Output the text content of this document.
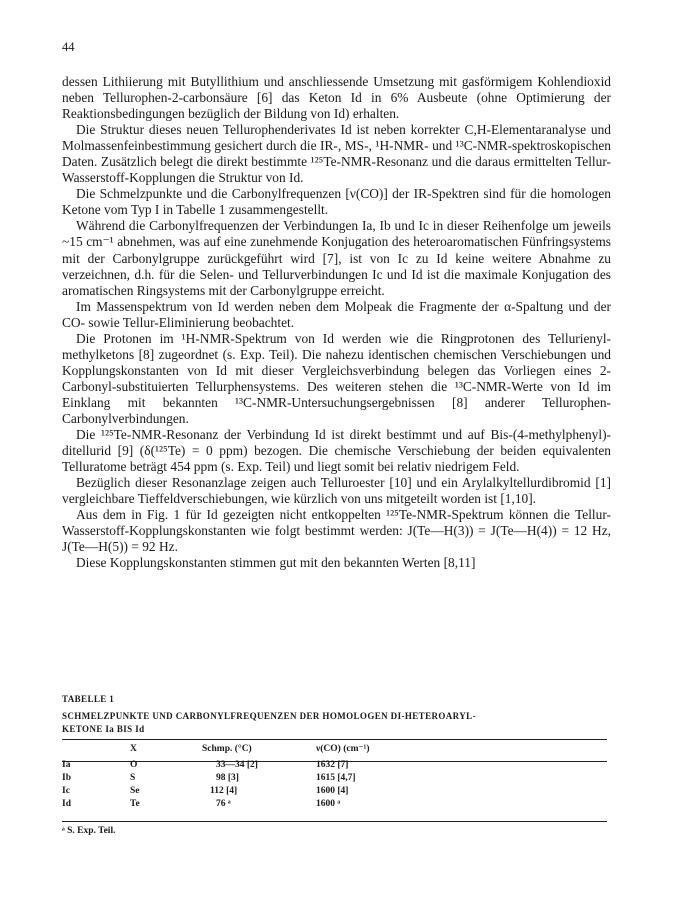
44

dessen Lithiierung mit Butyllithium und anschliessende Umsetzung mit gasförmigem Kohlendioxid neben Tellurophen-2-carbonsäure [6] das Keton Id in 6% Ausbeute (ohne Optimierung der Reaktionsbedingungen bezüglich der Bildung von Id) erhalten.

Die Struktur dieses neuen Tellurophenderivates Id ist neben korrekter C,H-Elementaranalyse und Molmassenfeinbestimmung gesichert durch die IR-, MS-, ¹H-NMR- und ¹³C-NMR-spektroskopischen Daten. Zusätzlich belegt die direkt bestimmte ¹²⁵Te-NMR-Resonanz und die daraus ermittelten Tellur-Wasserstoff-Kopplungen die Struktur von Id.

Die Schmelzpunkte und die Carbonylfrequenzen [ν(CO)] der IR-Spektren sind für die homologen Ketone vom Typ I in Tabelle 1 zusammengestellt.

Während die Carbonylfrequenzen der Verbindungen Ia, Ib und Ic in dieser Reihenfolge um jeweils ~15 cm⁻¹ abnehmen, was auf eine zunehmende Konjugation des heteroaromatischen Fünfringsystems mit der Carbonylgruppe zurückgeführt wird [7], ist von Ic zu Id keine weitere Abnahme zu verzeichnen, d.h. für die Selen- und Tellurverbindungen Ic und Id ist die maximale Konjugation des aromatischen Ringsystems mit der Carbonylgruppe erreicht.

Im Massenspektrum von Id werden neben dem Molpeak die Fragmente der α-Spaltung und der CO- sowie Tellur-Eliminierung beobachtet.

Die Protonen im ¹H-NMR-Spektrum von Id werden wie die Ringprotonen des Tellurienyl-methylketons [8] zugeordnet (s. Exp. Teil). Die nahezu identischen chemischen Verschiebungen und Kopplungskonstanten von Id mit dieser Vergleichsverbindung belegen das Vorliegen eines 2-Carbonyl-substituierten Tellurphensystems. Des weiteren stehen die ¹³C-NMR-Werte von Id im Einklang mit bekannten ¹³C-NMR-Untersuchungsergebnissen [8] anderer Tellurophen-Carbonylverbindungen.

Die ¹²⁵Te-NMR-Resonanz der Verbindung Id ist direkt bestimmt und auf Bis-(4-methylphenyl)-ditellurid [9] (δ(¹²⁵Te) = 0 ppm) bezogen. Die chemische Verschiebung der beiden equivalenten Telluratome beträgt 454 ppm (s. Exp. Teil) und liegt somit bei relativ niedrigem Feld.

Bezüglich dieser Resonanzlage zeigen auch Telluroester [10] und ein Arylalkyltellurdibromid [1] vergleichbare Tieffeldverschiebungen, wie kürzlich von uns mitgeteilt worden ist [1,10].

Aus dem in Fig. 1 für Id gezeigten nicht entkoppelten ¹²⁵Te-NMR-Spektrum können die Tellur-Wasserstoff-Kopplungskonstanten wie folgt bestimmt werden: J(Te—H(3)) = J(Te—H(4)) = 12 Hz, J(Te—H(5)) = 92 Hz.

Diese Kopplungskonstanten stimmen gut mit den bekannten Werten [8,11]

TABELLE 1
SCHMELZPUNKTE UND CARBONYLFREQUENZEN DER HOMOLOGEN DI-HETEROARYL-
KETONE Ia BIS Id
	X	Schmp. (°C)	ν(CO) (cm⁻¹)
Ia	O	33—34 [2]	1632 [7]
Ib	S	98 [3]	1615 [4,7]
Ic	Se	112 [4]	1600 [4]
Id	Te	76 ᵃ	1600 ᵃ
ᵃ S. Exp. Teil.
